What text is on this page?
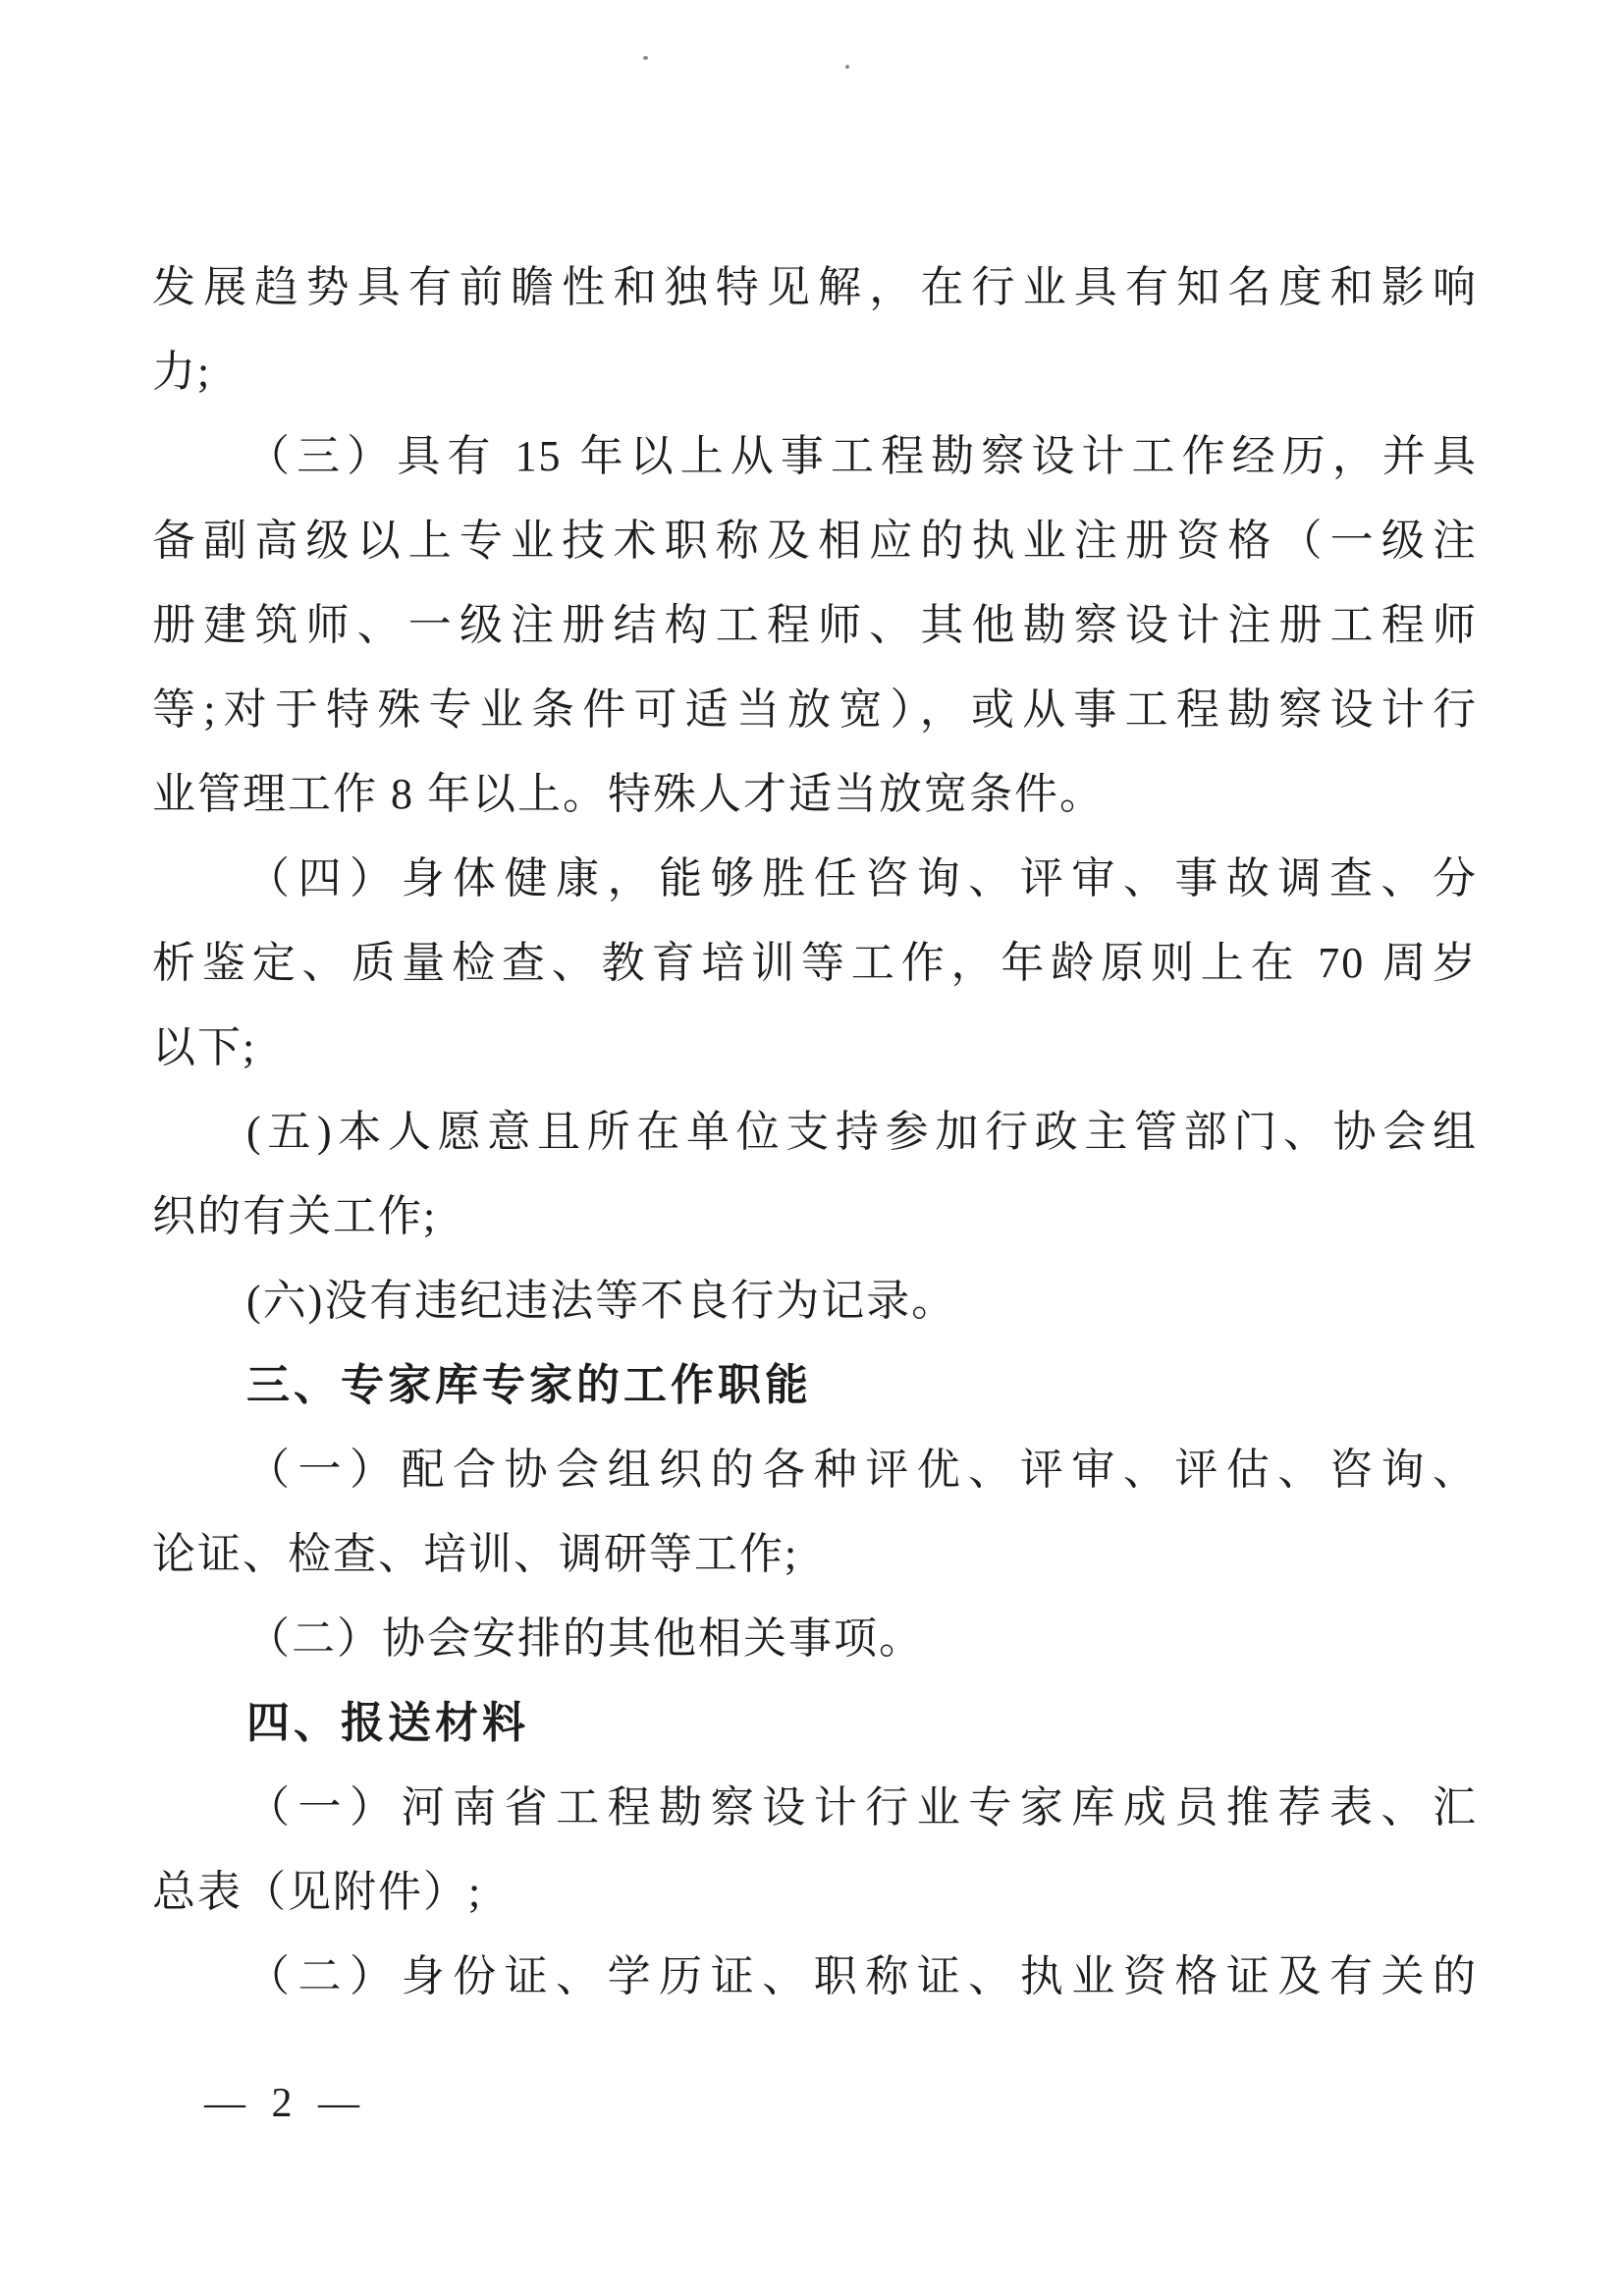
发展趋势具有前瞻性和独特见解，在行业具有知名度和影响
力;
（三）具有 15 年以上从事工程勘察设计工作经历，并具
备副高级以上专业技术职称及相应的执业注册资格（一级注
册建筑师、一级注册结构工程师、其他勘察设计注册工程师
等;对于特殊专业条件可适当放宽），或从事工程勘察设计行
业管理工作 8 年以上。特殊人才适当放宽条件。
（四）身体健康，能够胜任咨询、评审、事故调查、分
析鉴定、质量检查、教育培训等工作，年龄原则上在 70 周岁
以下;
(五)本人愿意且所在单位支持参加行政主管部门、协会组
织的有关工作;
(六)没有违纪违法等不良行为记录。
三、专家库专家的工作职能
（一）配合协会组织的各种评优、评审、评估、咨询、
论证、检查、培训、调研等工作;
（二）协会安排的其他相关事项。
四、报送材料
（一）河南省工程勘察设计行业专家库成员推荐表、汇
总表（见附件）;
（二）身份证、学历证、职称证、执业资格证及有关的
— 2 —
